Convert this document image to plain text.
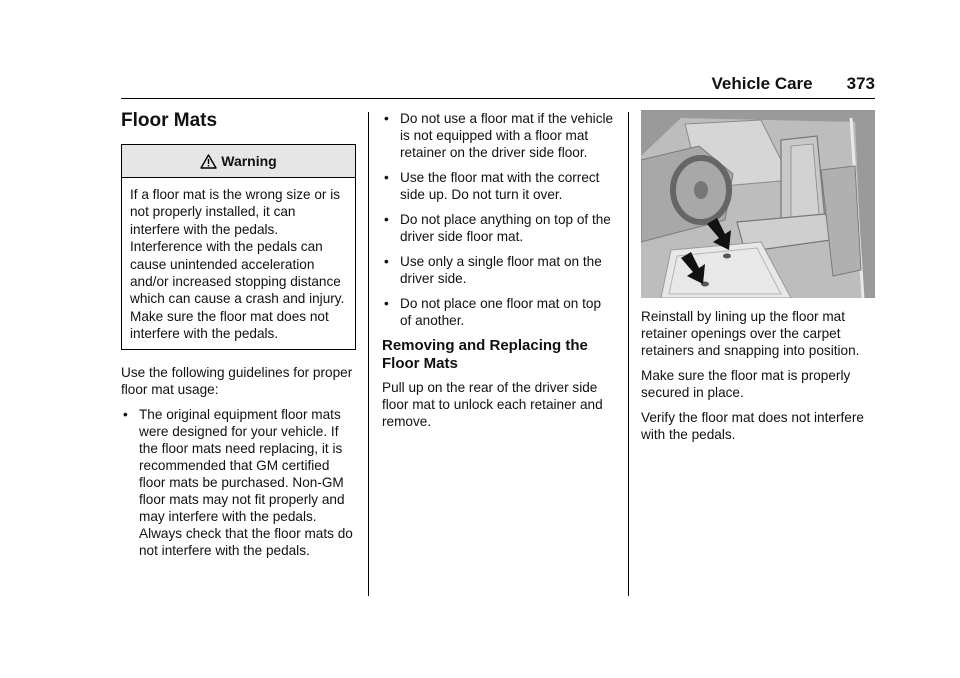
Vehicle Care 373
Floor Mats
Warning
If a floor mat is the wrong size or is not properly installed, it can interfere with the pedals. Interference with the pedals can cause unintended acceleration and/or increased stopping distance which can cause a crash and injury. Make sure the floor mat does not interfere with the pedals.

Use the following guidelines for proper floor mat usage:

• The original equipment floor mats were designed for your vehicle. If the floor mats need replacing, it is recommended that GM certified floor mats be purchased. Non-GM floor mats may not fit properly and may interfere with the pedals. Always check that the floor mats do not interfere with the pedals.
• Do not use a floor mat if the vehicle is not equipped with a floor mat retainer on the driver side floor.
• Use the floor mat with the correct side up. Do not turn it over.
• Do not place anything on top of the driver side floor mat.
• Use only a single floor mat on the driver side.
• Do not place one floor mat on top of another.
Removing and Replacing the Floor Mats

Pull up on the rear of the driver side floor mat to unlock each retainer and remove.

Reinstall by lining up the floor mat retainer openings over the carpet retainers and snapping into position.

Make sure the floor mat is properly secured in place.

Verify the floor mat does not interfere with the pedals.
